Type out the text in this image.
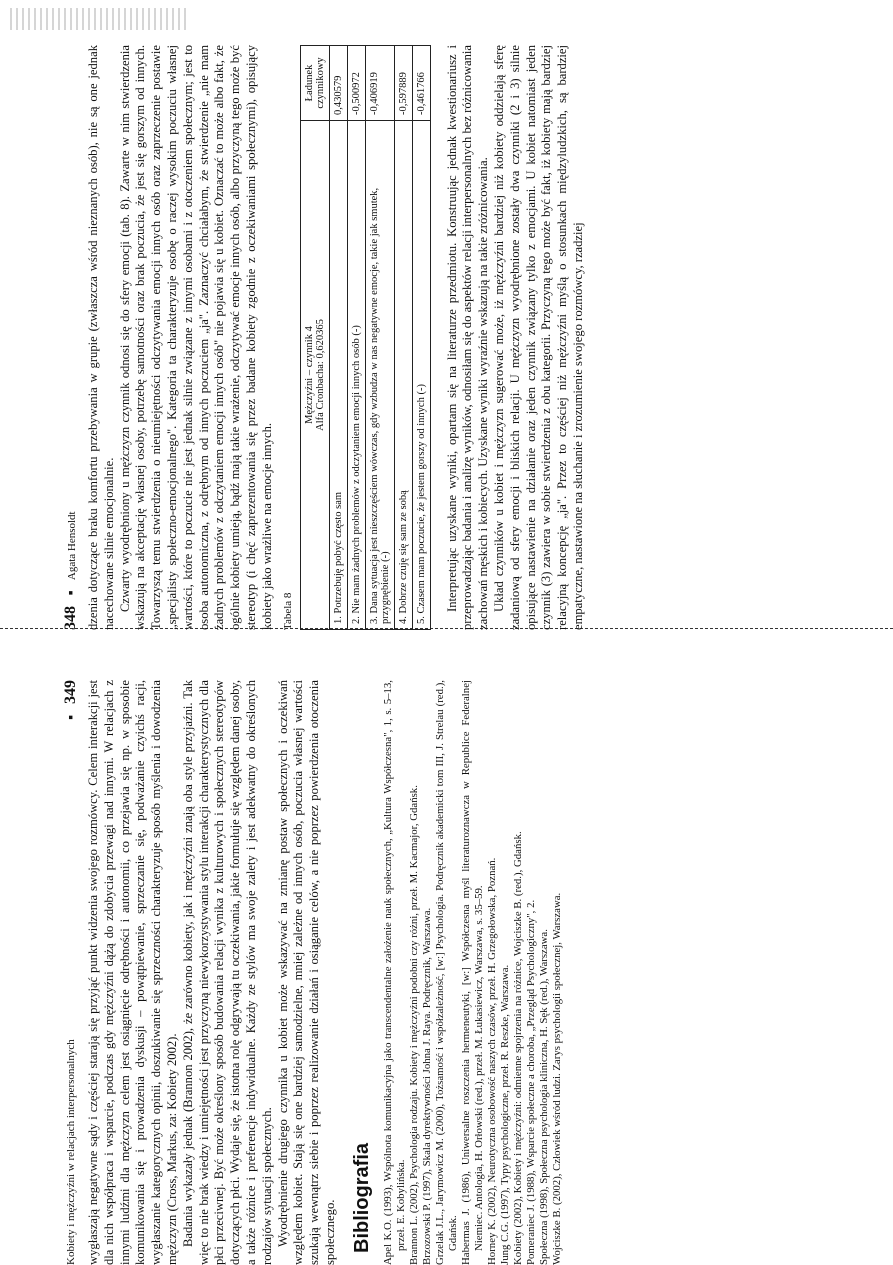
348 ▪ Agata Hensoldt dzenia dotyczące braku komfortu przebywania w grupie (zwłaszcza wśród nieznanych osób), nie są one jednak nacechowane silnie emocjonalnie. Czwarty wyodrębniony u mężczyzn czynnik odnosi się do sfery emocji (tab. 8). Zawarte w nim stwierdzenia wskazują na akceptację własnej osoby, potrzebę samotności oraz brak poczucia, że jest się gorszym od innych. Towarzyszą temu stwierdzenia o nieumiejętności odczytywania emocji innych osób oraz zaprzeczenie postawie „specjalisty społeczno-emocjonalnego". Kategoria ta charakteryzuje osobę o raczej wysokim poczuciu własnej wartości, które to poczucie nie jest jednak silnie związane z innymi osobami i z otoczeniem społecznym; jest to osoba autonomiczna, z odrębnym od innych poczuciem „ja". Zaznaczyć chciałabym, że stwierdzenie „nie mam żadnych problemów z odczytaniem emocji innych osób" nie pojawia się u kobiet. Oznaczać to może albo fakt, że ogólnie kobiety umieją, bądź mają takie wrażenie, odczytywać emocje innych osób, albo przyczyną tego może być stereotyp (i chęć zaprezentowania się przez badane kobiety zgodnie z oczekiwaniami społecznymi), opisujący kobiety jako wrażliwe na emocje innych. Tabela 8
Mężczyźni – czynnik 4 Alfa Cronbacha: 0,620365	Ładunek czynnikowy
1. Potrzebuję pobyć często sam	0,430579
2. Nie mam żadnych problemów z odczytaniem emocji innych osób (-)	-0,500972
3. Dana sytuacja jest nieszczęściem wówczas, gdy wzbudza w nas negatywne emocje, takie jak smutek, przygnębienie (-)	-0,406919
4. Dobrze czuję się sam ze sobą	-0,597889
5. Czasem mam poczucie, że jestem gorszy od innych (-)	-0,461766 Interpretując uzyskane wyniki, opartam się na literaturze przedmiotu. Konstruując jednak kwestionariusz i przeprowadzając badania i analizę wyników, odnosiłam się do aspektów relacji interpersonalnych bez różnicowania zachowań męskich i kobiecych. Uzyskane wyniki wyraźnie wskazują na takie zróżnicowania. Układ czynników u kobiet i mężczyzn sugerować może, iż mężczyźni bardziej niż kobiety oddzielają sferę zadaniową od sfery emocji i bliskich relacji. U mężczyzn wyodrębnione zostały dwa czynniki (2 i 3) silnie opisujące nastawienie na działanie oraz jeden czynnik związany tylko z emocjami. U kobiet natomiast jeden czynnik (3) zawiera w sobie stwierdzenia z obu kategorii. Przyczyną tego może być fakt, iż kobiety mają bardziej relacyjną koncepcję „ja". Przez to częściej niż mężczyźni myślą o stosunkach międzyludzkich, są bardziej empatyczne, nastawione na słuchanie i zrozumienie swojego rozmówcy, rzadziej

Kobiety i mężczyźni w relacjach interpersonalnych
▪ 349 wygłaszają negatywne sądy i częściej starają się przyjąć punkt widzenia swojego rozmówcy. Celem interakcji jest dla nich współpraca i wsparcie, podczas gdy mężczyźni dążą do zdobycia przewagi nad innymi. W relacjach z innymi ludźmi dla mężczyzn celem jest osiągnięcie odrębności i autonomii, co przejawia się np. w sposobie komunikowania się i prowadzenia dyskusji – powątpiewanie, sprzeczanie się, podważanie czyichś racji, wygłaszanie kategorycznych opinii, doszukiwanie się sprzeczności charakteryzuje sposób myślenia i dowodzenia mężczyzn (Cross, Markus, za: Kobiety 2002). Badania wykazały jednak (Brannon 2002), że zarówno kobiety, jak i mężczyźni znają oba style przyjaźni. Tak więc to nie brak wiedzy i umiejętności jest przyczyną niewykorzystywania stylu interakcji charakterystycznych dla płci przeciwnej. Być może określony sposób budowania relacji wynika z kulturowych i społecznych stereotypów dotyczących płci. Wydaje się, że istotna rolę odgrywają tu oczekiwania, jakie formułuje się względem danej osoby, a także różnice i preferencje indywidualne. Każdy ze stylów ma swoje zalety i jest adekwatny do określonych rodzajów sytuacji społecznych. Wyodrębnienie drugiego czynnika u kobiet może wskazywać na zmianę postaw społecznych i oczekiwań względem kobiet. Stają się one bardziej samodzielne, mniej zależne od innych osób, poczucia własnej wartości szukają wewnątrz siebie i poprzez realizowanie działań i osiąganie celów, a nie poprzez powierdzenia otoczenia społecznego. Bibliografia Apel K.O. (1993), Wspólnota komunikacyjna jako transcendentalne założenie nauk społecznych, „Kultura Współczesna", 1, s. 5–13, przeł. E. Kobylińska. Brannon L. (2002), Psychologia rodzaju. Kobiety i mężczyźni podobni czy różni, przeł. M. Kacmajor, Gdańsk. Brzozowski P. (1997), Skala dyrektywności Johna J. Raya. Podręcznik, Warszawa. Grzelak J.L., Jarymowicz M. (2000), Tożsamość i współzależność, [w:] Psychologia. Podręcznik akademicki tom III, J. Strelau (red.), Gdańsk. Habermas J. (1986), Uniwersalne roszczenia hermeneutyki, [w:] Współczesna myśl literaturoznawcza w Republice Federalnej Niemiec. Antologia, H. Orłowski (red.), przeł. M. Łukasiewicz, Warszawa, s. 35–59. Horney K. (2002), Neurotyczna osobowość naszych czasów, przeł. H. Grzegołowska, Poznań. Jung C.G. (1997), Typy psychologiczne, przeł. R. Reszke, Warszawa. Kobiety (2002), Kobiety i mężczyźni: odmienne spojrzenia na różnice, Wojciszke B. (red.), Gdańsk. Pomeraniec J. (1988), Wsparcie społeczne a choroba, „Przegląd Psychologiczny", 2. Społeczna (1998), Społeczna psychologia kliniczna, H. Sęk (red.), Warszawa. Wojciszke B. (2002), Człowiek wśród ludzi. Zarys psychologii społecznej, Warszawa.
